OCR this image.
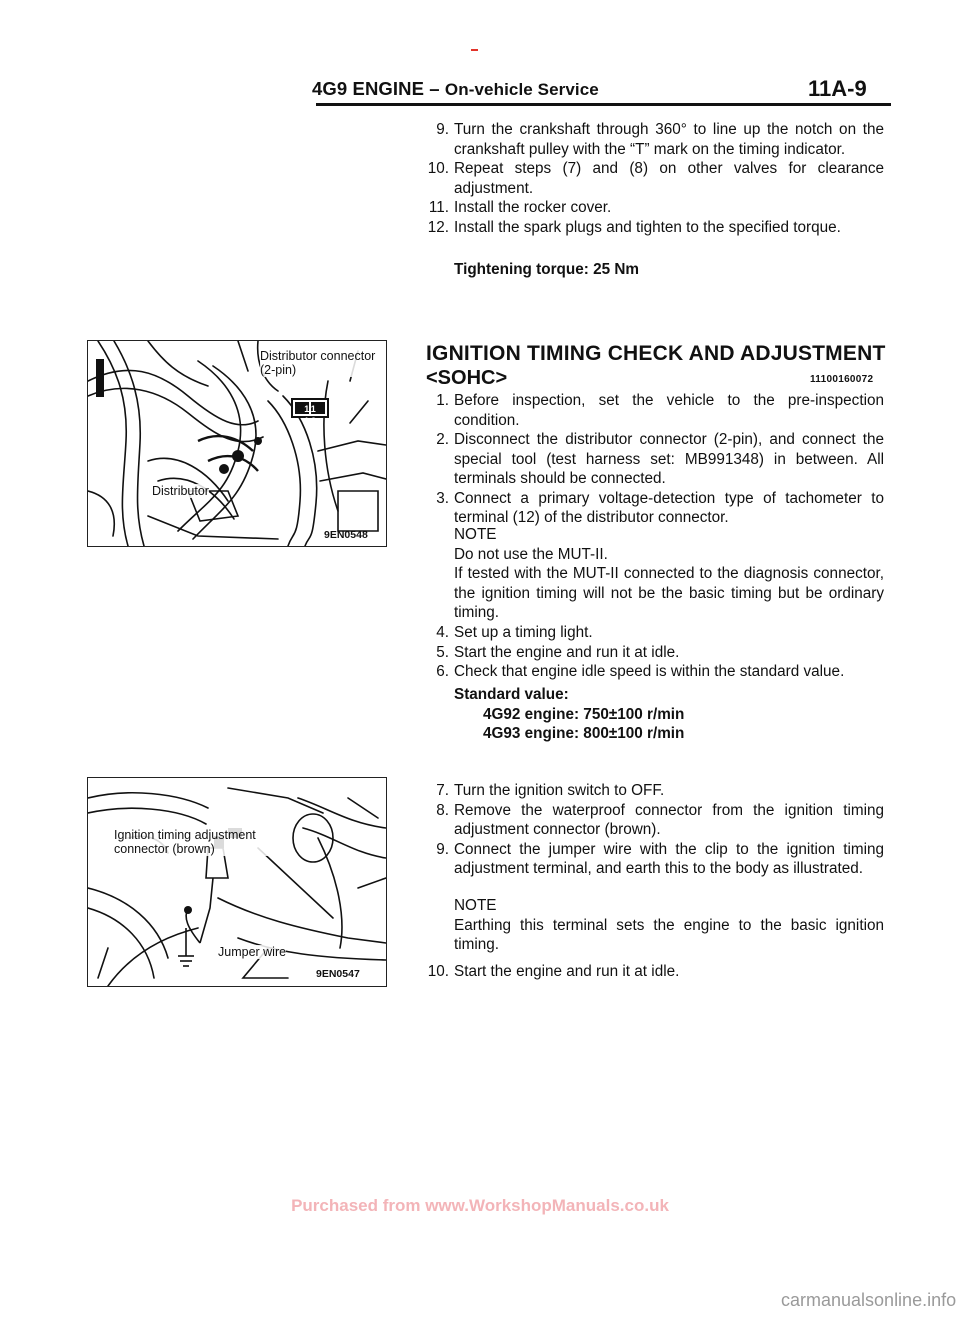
4G9 ENGINE – On-vehicle Service	11A-9
9. Turn the crankshaft through 360° to line up the notch on the crankshaft pulley with the “T” mark on the timing indicator.
10. Repeat steps (7) and (8) on other valves for clearance adjustment.
11. Install the rocker cover.
12. Install the spark plugs and tighten to the specified torque.
Tightening torque: 25 Nm
IGNITION TIMING CHECK AND ADJUSTMENT
<SOHC>	11100160072
1. Before inspection, set the vehicle to the pre-inspection condition.
2. Disconnect the distributor connector (2-pin), and connect the special tool (test harness set: MB991348) in between. All terminals should be connected.
3. Connect a primary voltage-detection type of tachometer to terminal (12) of the distributor connector.
NOTE
Do not use the MUT-II.
If tested with the MUT-II connected to the diagnosis connector, the ignition timing will not be the basic timing but be ordinary timing.
4. Set up a timing light.
5. Start the engine and run it at idle.
6. Check that engine idle speed is within the standard value.
Standard value:
4G92 engine: 750±100 r/min
4G93 engine: 800±100 r/min
7. Turn the ignition switch to OFF.
8. Remove the waterproof connector from the ignition timing adjustment connector (brown).
9. Connect the jumper wire with the clip to the ignition timing adjustment terminal, and earth this to the body as illustrated.
NOTE
Earthing this terminal sets the engine to the basic ignition timing.
10. Start the engine and run it at idle.
Distributor connector (2-pin)
11 12
Distributor
9EN0548
Ignition timing adjustment connector (brown)
Jumper wire
9EN0547
Purchased from www.WorkshopManuals.co.uk
carmanualsonline.info
